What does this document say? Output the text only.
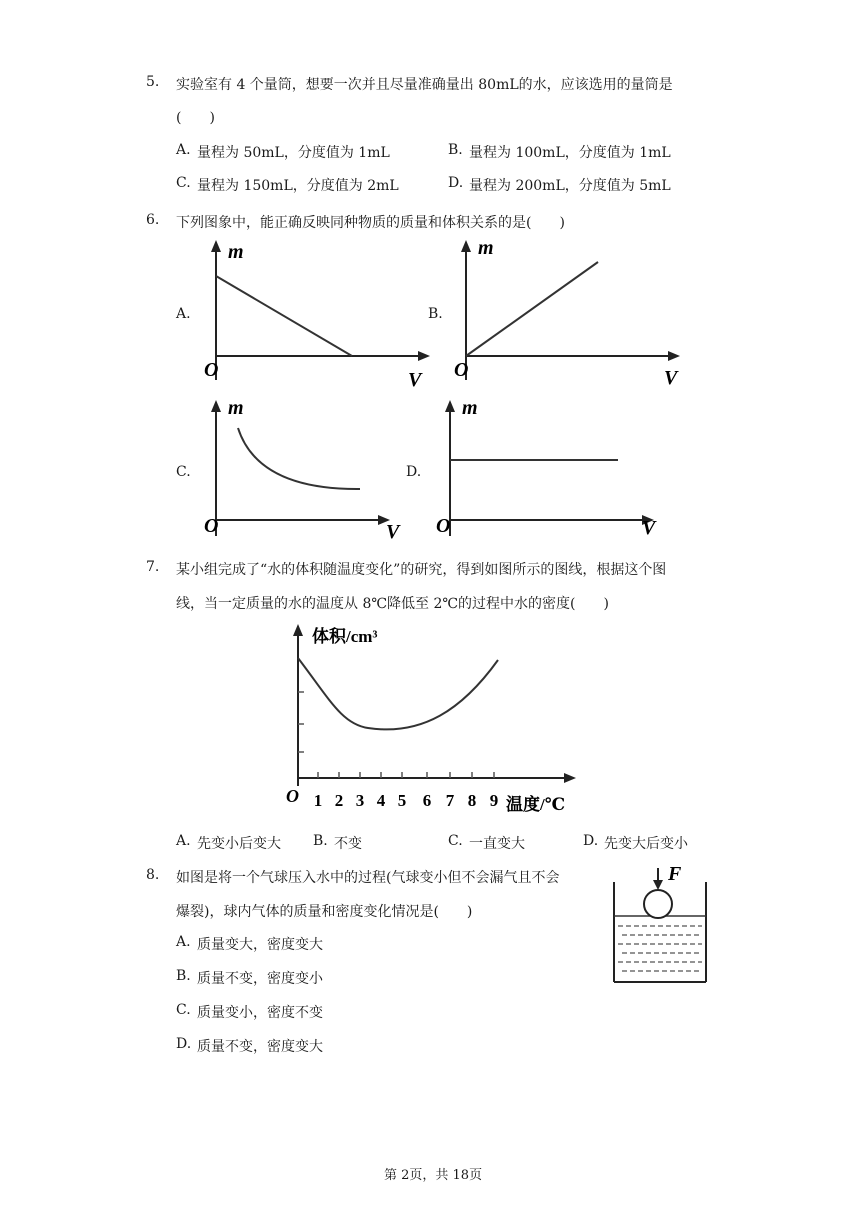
5. 实验室有 4 个量筒，想要一次并且尽量准确量出 80mL的水，应该选用的量筒是
(　　)
A. 量程为 50mL，分度值为 1mL	B. 量程为 100mL，分度值为 1mL
C. 量程为 150mL，分度值为 2mL	D. 量程为 200mL，分度值为 5mL
6. 下列图象中，能正确反映同种物质的质量和体积关系的是(　　)
A.
m
O	V
B.
m
O	V
C.
m
O	V
D.
m
O	V
7. 某小组完成了“水的体积随温度变化”的研究，得到如图所示的图线，根据这个图
线，当一定质量的水的温度从 8℃降低至 2℃的过程中水的密度(　　)
体积/cm³
O	温度/℃
1 2 3 4 5 6 7 8 9
A. 先变小后变大 B. 不变	C. 一直变大	D. 先变大后变小
8. 如图是将一个气球压入水中的过程(气球变小但不会漏气且不会
爆裂)，球内气体的质量和密度变化情况是(　　)
F
A. 质量变大，密度变大
B. 质量不变，密度变小
C. 质量变小，密度不变
D. 质量不变，密度变大
第 2页，共 18页
